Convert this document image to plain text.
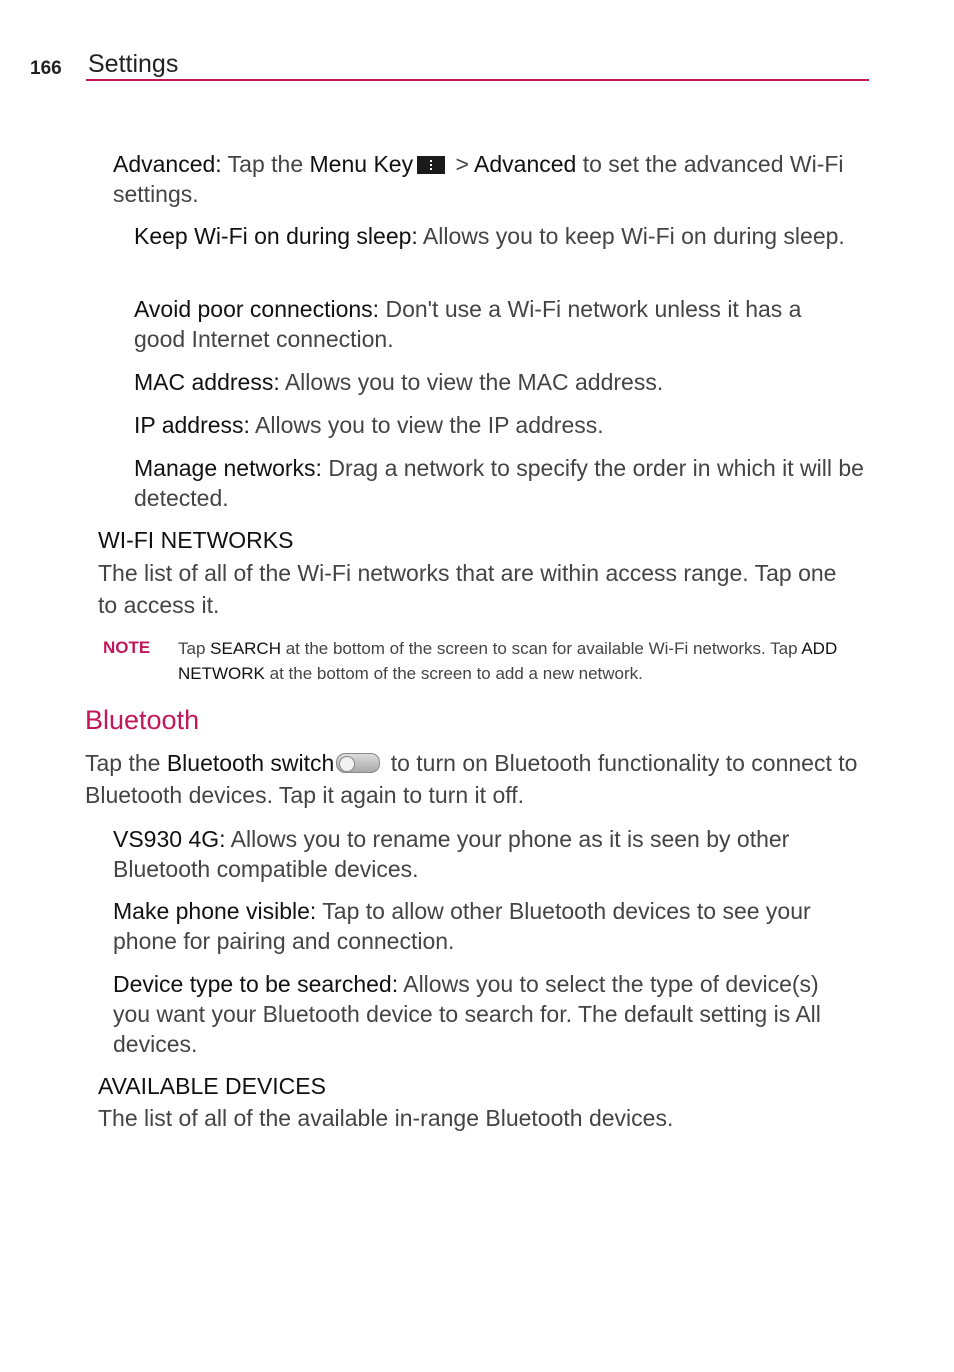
166 Settings
Advanced: Tap the Menu Key > Advanced to set the advanced Wi-Fi settings.
Keep Wi-Fi on during sleep: Allows you to keep Wi-Fi on during sleep.
Avoid poor connections: Don't use a Wi-Fi network unless it has a good Internet connection.
MAC address: Allows you to view the MAC address.
IP address: Allows you to view the IP address.
Manage networks: Drag a network to specify the order in which it will be detected.
WI-FI NETWORKS
The list of all of the Wi-Fi networks that are within access range. Tap one to access it.
NOTE Tap SEARCH at the bottom of the screen to scan for available Wi-Fi networks. Tap ADD NETWORK at the bottom of the screen to add a new network.
Bluetooth
Tap the Bluetooth switch to turn on Bluetooth functionality to connect to Bluetooth devices. Tap it again to turn it off.
VS930 4G: Allows you to rename your phone as it is seen by other Bluetooth compatible devices.
Make phone visible: Tap to allow other Bluetooth devices to see your phone for pairing and connection.
Device type to be searched: Allows you to select the type of device(s) you want your Bluetooth device to search for. The default setting is All devices.
AVAILABLE DEVICES
The list of all of the available in-range Bluetooth devices.
